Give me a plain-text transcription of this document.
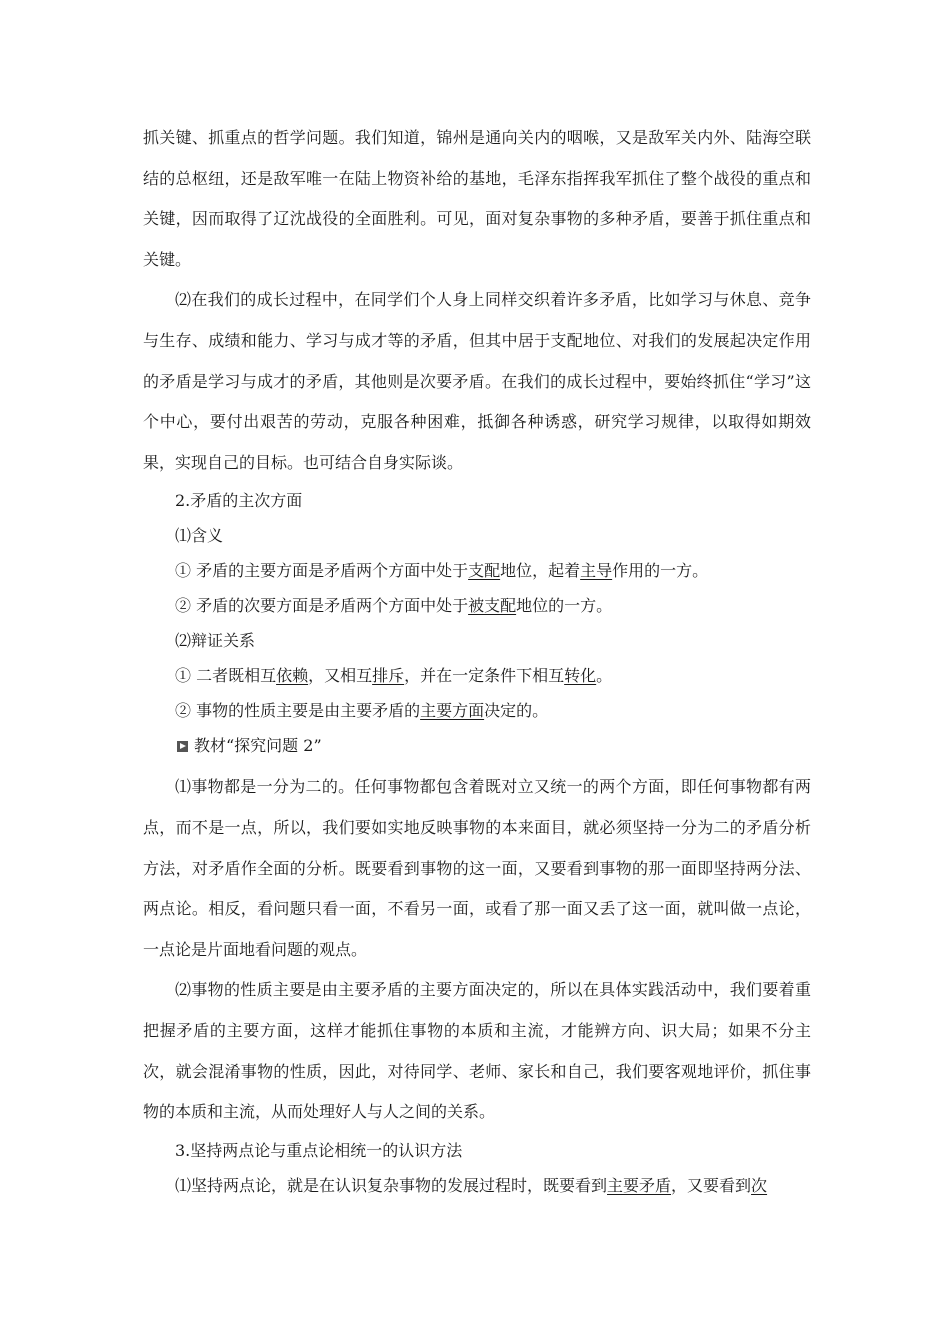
抓关键、抓重点的哲学问题。我们知道，锦州是通向关内的咽喉，又是敌军关内外、陆海空联结的总枢纽，还是敌军唯一在陆上物资补给的基地，毛泽东指挥我军抓住了整个战役的重点和关键，因而取得了辽沈战役的全面胜利。可见，面对复杂事物的多种矛盾，要善于抓住重点和关键。

⑵在我们的成长过程中，在同学们个人身上同样交织着许多矛盾，比如学习与休息、竞争与生存、成绩和能力、学习与成才等的矛盾，但其中居于支配地位、对我们的发展起决定作用的矛盾是学习与成才的矛盾，其他则是次要矛盾。在我们的成长过程中，要始终抓住“学习”这个中心，要付出艰苦的劳动，克服各种困难，抵御各种诱惑，研究学习规律，以取得如期效果，实现自己的目标。也可结合自身实际谈。

2.矛盾的主次方面

⑴含义

① 矛盾的主要方面是矛盾两个方面中处于支配地位，起着主导作用的一方。

② 矛盾的次要方面是矛盾两个方面中处于被支配地位的一方。

⑵辩证关系

① 二者既相互依赖，又相互排斥，并在一定条件下相互转化。

② 事物的性质主要是由主要矛盾的主要方面决定的。

教材“探究问题 2”

⑴事物都是一分为二的。任何事物都包含着既对立又统一的两个方面，即任何事物都有两点，而不是一点，所以，我们要如实地反映事物的本来面目，就必须坚持一分为二的矛盾分析方法，对矛盾作全面的分析。既要看到事物的这一面，又要看到事物的那一面即坚持两分法、两点论。相反，看问题只看一面，不看另一面，或看了那一面又丢了这一面，就叫做一点论，一点论是片面地看问题的观点。

⑵事物的性质主要是由主要矛盾的主要方面决定的，所以在具体实践活动中，我们要着重把握矛盾的主要方面，这样才能抓住事物的本质和主流，才能辨方向、识大局；如果不分主次，就会混淆事物的性质，因此，对待同学、老师、家长和自己，我们要客观地评价，抓住事物的本质和主流，从而处理好人与人之间的关系。

3.坚持两点论与重点论相统一的认识方法

⑴坚持两点论，就是在认识复杂事物的发展过程时，既要看到主要矛盾，又要看到次
